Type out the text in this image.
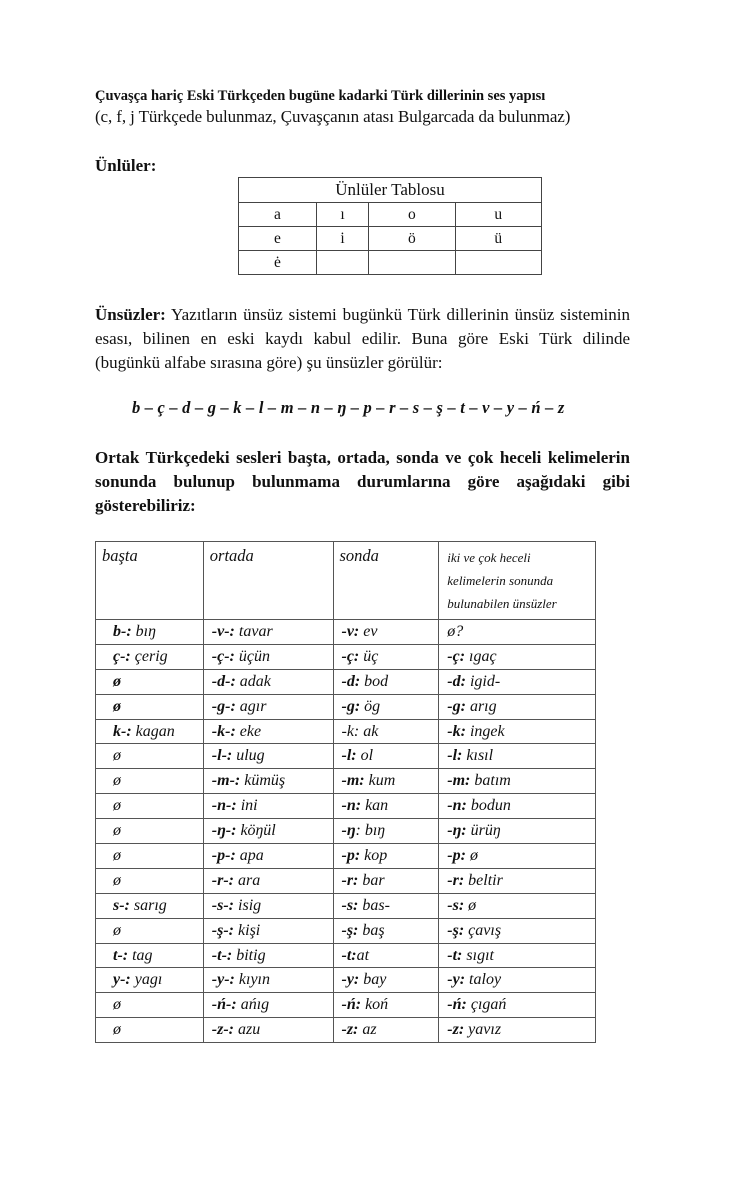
Çuvaşça hariç Eski Türkçeden bugüne kadarki Türk dillerinin ses yapısı

(c, f, j Türkçede bulunmaz, Çuvaşçanın atası Bulgarcada da bulunmaz)

Ünlüler:

Ünlüler Tablosu			
a	ı	o	u
e	i	ö	ü
ė			

Ünsüzler: Yazıtların ünsüz sistemi bugünkü Türk dillerinin ünsüz sisteminin esası, bilinen en eski kaydı kabul edilir. Buna göre Eski Türk dilinde (bugünkü alfabe sırasına göre) şu ünsüzler görülür:

b – ç – d – g – k – l – m – n – ŋ – p – r – s – ş – t – v – y – ń – z

Ortak Türkçedeki sesleri başta, ortada, sonda ve çok heceli kelimelerin sonunda bulunup bulunmama durumlarına göre aşağıdaki gibi gösterebiliriz:

başta	ortada	sonda	iki ve çok heceli kelimelerin sonunda bulunabilen ünsüzler
b-: bıŋ	-v-: tavar	-v: ev	ø?
ç-: çerig	-ç-: üçün	-ç: üç	-ç: ıgaç
ø	-d-: adak	-d: bod	-d: igid-
ø	-g-: agır	-g: ög	-g: arıg
k-: kagan	-k-: eke	-k: ak	-k: ingek
ø	-l-: ulug	-l: ol	-l: kısıl
ø	-m-: kümüş	-m: kum	-m: batım
ø	-n-: ini	-n: kan	-n: bodun
ø	-ŋ-: köŋül	-ŋ: bıŋ	-ŋ: ürüŋ
ø	-p-: apa	-p: kop	-p: ø
ø	-r-: ara	-r: bar	-r: beltir
s-: sarıg	-s-: isig	-s: bas-	-s: ø
ø	-ş-: kişi	-ş: baş	-ş: çavış
t-: tag	-t-: bitig	-t:at	-t: sıgıt
y-: yagı	-y-: kıyın	-y: bay	-y: taloy
ø	-ń-: ańıg	-ń: koń	-ń: çıgań
ø	-z-: azu	-z: az	-z: yavız
